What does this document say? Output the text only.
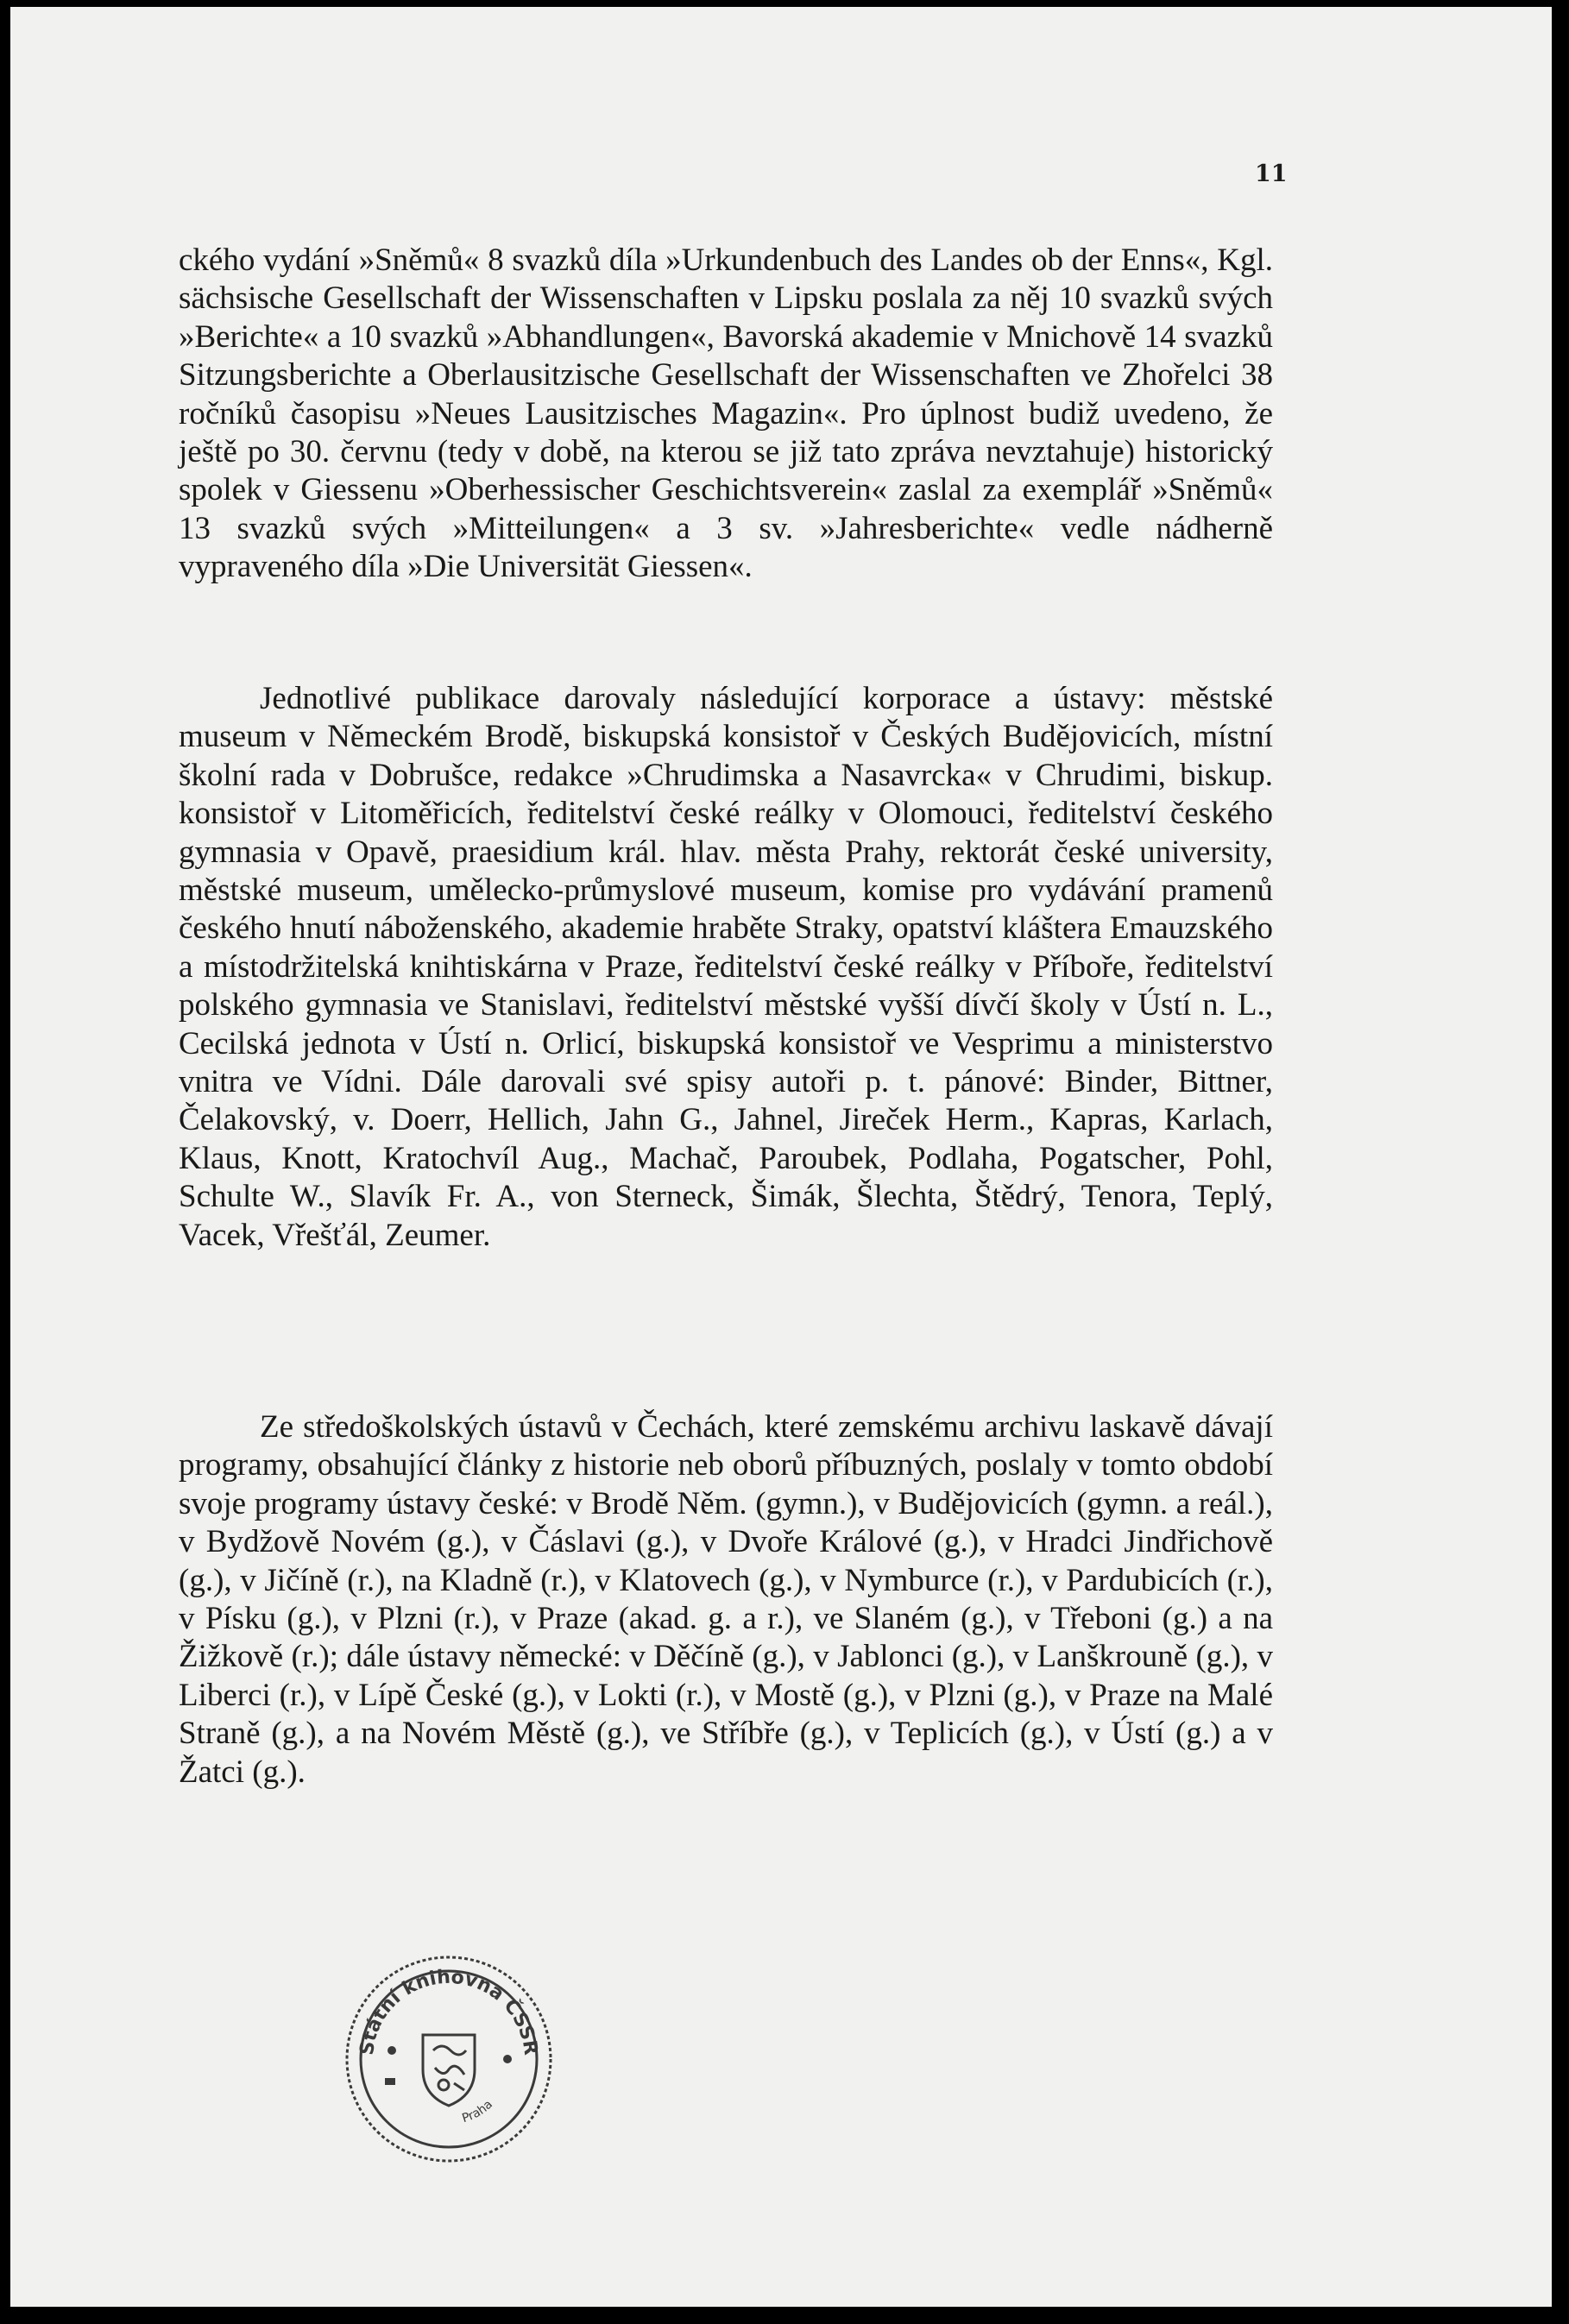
11

ckého vydání »Sněmů« 8 svazků díla »Urkundenbuch des Landes ob der Enns«, Kgl. sächsische Gesellschaft der Wissenschaften v Lipsku poslala za něj 10 svazků svých »Berichte« a 10 svazků »Abhandlungen«, Bavorská akademie v Mnichově 14 svazků Sitzungsberichte a Oberlausitzische Gesellschaft der Wissenschaften ve Zhořelci 38 ročníků časopisu »Neues Lausitzisches Magazin«. Pro úplnost budiž uvedeno, že ještě po 30. červnu (tedy v době, na kterou se již tato zpráva nevztahuje) historický spolek v Giessenu »Oberhessischer Geschichtsverein« zaslal za exemplář »Sněmů« 13 svazků svých »Mitteilungen« a 3 sv. »Jahresberichte« vedle nádherně vypraveného díla »Die Universität Giessen«.

Jednotlivé publikace darovaly následující korporace a ústavy: městské museum v Německém Brodě, biskupská konsistoř v Českých Budějovicích, místní školní rada v Dobrušce, redakce »Chrudimska a Nasavrcka« v Chrudimi, biskup. konsistoř v Litoměřicích, ředitelství české reálky v Olomouci, ředitelství českého gymnasia v Opavě, praesidium král. hlav. města Prahy, rektorát české university, městské museum, umělecko-průmyslové museum, komise pro vydávání pramenů českého hnutí náboženského, akademie hraběte Straky, opatství kláštera Emauzského a místodržitelská knihtiskárna v Praze, ředitelství české reálky v Příboře, ředitelství polského gymnasia ve Stanislavi, ředitelství městské vyšší dívčí školy v Ústí n. L., Cecilská jednota v Ústí n. Orlicí, biskupská konsistoř ve Vesprimu a ministerstvo vnitra ve Vídni. Dále darovali své spisy autoři p. t. pánové: Binder, Bittner, Čelakovský, v. Doerr, Hellich, Jahn G., Jahnel, Jireček Herm., Kapras, Karlach, Klaus, Knott, Kratochvíl Aug., Machač, Paroubek, Podlaha, Pogatscher, Pohl, Schulte W., Slavík Fr. A., von Sterneck, Šimák, Šlechta, Štědrý, Tenora, Teplý, Vacek, Vřešťál, Zeumer.

Ze středoškolských ústavů v Čechách, které zemskému archivu laskavě dávají programy, obsahující články z historie neb oborů příbuzných, poslaly v tomto období svoje programy ústavy české: v Brodě Něm. (gymn.), v Budějovicích (gymn. a reál.), v Bydžově Novém (g.), v Čáslavi (g.), v Dvoře Králové (g.), v Hradci Jindřichově (g.), v Jičíně (r.), na Kladně (r.), v Klatovech (g.), v Nymburce (r.), v Pardubicích (r.), v Písku (g.), v Plzni (r.), v Praze (akad. g. a r.), ve Slaném (g.), v Třeboni (g.) a na Žižkově (r.); dále ústavy německé: v Děčíně (g.), v Jablonci (g.), v Lanškrouně (g.), v Liberci (r.), v Lípě České (g.), v Lokti (r.), v Mostě (g.), v Plzni (g.), v Praze na Malé Straně (g.), a na Novém Městě (g.), ve Stříbře (g.), v Teplicích (g.), v Ústí (g.) a v Žatci (g.).

Státní knihovna ČSSR
Praha
